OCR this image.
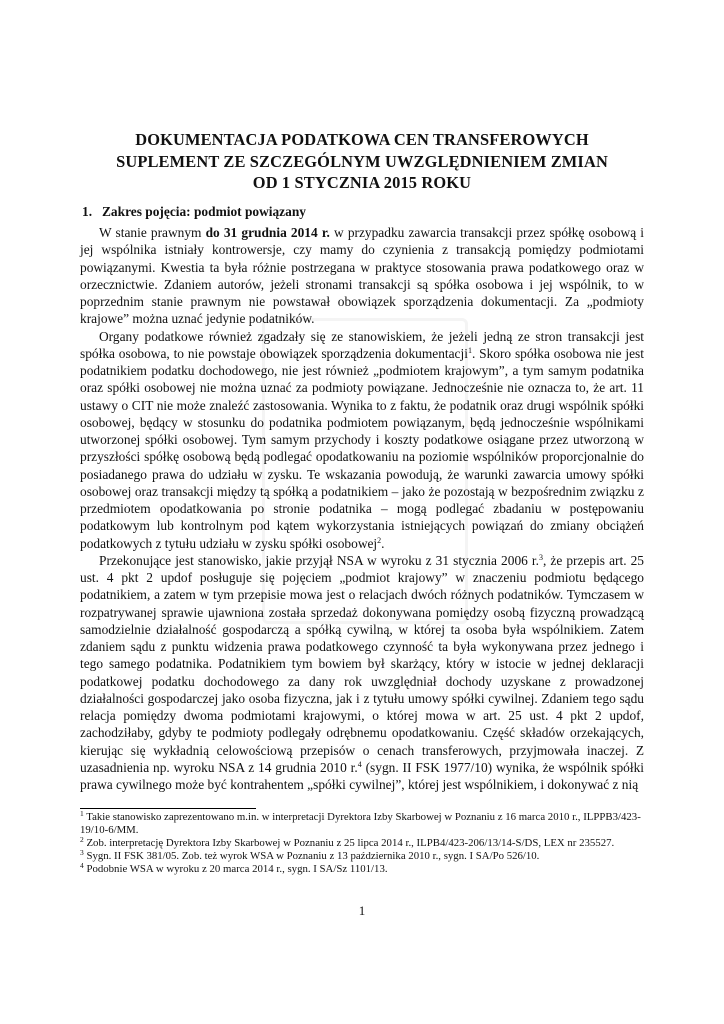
DOKUMENTACJA PODATKOWA CEN TRANSFEROWYCH
SUPLEMENT ZE SZCZEGÓLNYM UWZGLĘDNIENIEM ZMIAN
OD 1 STYCZNIA 2015 ROKU
1. Zakres pojęcia: podmiot powiązany

W stanie prawnym do 31 grudnia 2014 r. w przypadku zawarcia transakcji przez spółkę osobową i jej wspólnika istniały kontrowersje, czy mamy do czynienia z transakcją pomiędzy podmiotami powiązanymi. Kwestia ta była różnie postrzegana w praktyce stosowania prawa podatkowego oraz w orzecznictwie. Zdaniem autorów, jeżeli stronami transakcji są spółka osobowa i jej wspólnik, to w poprzednim stanie prawnym nie powstawał obowiązek sporządzenia dokumentacji. Za „podmioty krajowe” można uznać jedynie podatników.

Organy podatkowe również zgadzały się ze stanowiskiem, że jeżeli jedną ze stron transakcji jest spółka osobowa, to nie powstaje obowiązek sporządzenia dokumentacji$^1$. Skoro spółka osobowa nie jest podatnikiem podatku dochodowego, nie jest również „podmiotem krajowym”, a tym samym podatnika oraz spółki osobowej nie można uznać za podmioty powiązane. Jednocześnie nie oznacza to, że art. 11 ustawy o CIT nie może znaleźć zastosowania. Wynika to z faktu, że podatnik oraz drugi wspólnik spółki osobowej, będący w stosunku do podatnika podmiotem powiązanym, będą jednocześnie wspólnikami utworzonej spółki osobowej. Tym samym przychody i koszty podatkowe osiągane przez utworzoną w przyszłości spółkę osobową będą podlegać opodatkowaniu na poziomie wspólników proporcjonalnie do posiadanego prawa do udziału w zysku. Te wskazania powodują, że warunki zawarcia umowy spółki osobowej oraz transakcji między tą spółką a podatnikiem – jako że pozostają w bezpośrednim związku z przedmiotem opodatkowania po stronie podatnika – mogą podlegać zbadaniu w postępowaniu podatkowym lub kontrolnym pod kątem wykorzystania istniejących powiązań do zmiany obciążeń podatkowych z tytułu udziału w zysku spółki osobowej$^2$.

Przekonujące jest stanowisko, jakie przyjął NSA w wyroku z 31 stycznia 2006 r.$^3$, że przepis art. 25 ust. 4 pkt 2 updof posługuje się pojęciem „podmiot krajowy” w znaczeniu podmiotu będącego podatnikiem, a zatem w tym przepisie mowa jest o relacjach dwóch różnych podatników. Tymczasem w rozpatrywanej sprawie ujawniona została sprzedaż dokonywana pomiędzy osobą fizyczną prowadzącą samodzielnie działalność gospodarczą a spółką cywilną, w której ta osoba była wspólnikiem. Zatem zdaniem sądu z punktu widzenia prawa podatkowego czynność ta była wykonywana przez jednego i tego samego podatnika. Podatnikiem tym bowiem był skarżący, który w istocie w jednej deklaracji podatkowej podatku dochodowego za dany rok uwzględniał dochody uzyskane z prowadzonej działalności gospodarczej jako osoba fizyczna, jak i z tytułu umowy spółki cywilnej. Zdaniem tego sądu relacja pomiędzy dwoma podmiotami krajowymi, o której mowa w art. 25 ust. 4 pkt 2 updof, zachodziłaby, gdyby te podmioty podlegały odrębnemu opodatkowaniu. Część składów orzekających, kierując się wykładnią celowościową przepisów o cenach transferowych, przyjmowała inaczej. Z uzasadnienia np. wyroku NSA z 14 grudnia 2010 r.$^4$ (sygn. II FSK 1977/10) wynika, że wspólnik spółki prawa cywilnego może być kontrahentem „spółki cywilnej”, której jest wspólnikiem, i dokonywać z nią

$^1$ Takie stanowisko zaprezentowano m.in. w interpretacji Dyrektora Izby Skarbowej w Poznaniu z 16 marca 2010 r., ILPPB3/423-19/10-6/MM.

$^2$ Zob. interpretację Dyrektora Izby Skarbowej w Poznaniu z 25 lipca 2014 r., ILPB4/423-206/13/14-S/DS, LEX nr 235527.

$^3$ Sygn. II FSK 381/05. Zob. też wyrok WSA w Poznaniu z 13 października 2010 r., sygn. I SA/Po 526/10.

$^4$ Podobnie WSA w wyroku z 20 marca 2014 r., sygn. I SA/Sz 1101/13.

1
